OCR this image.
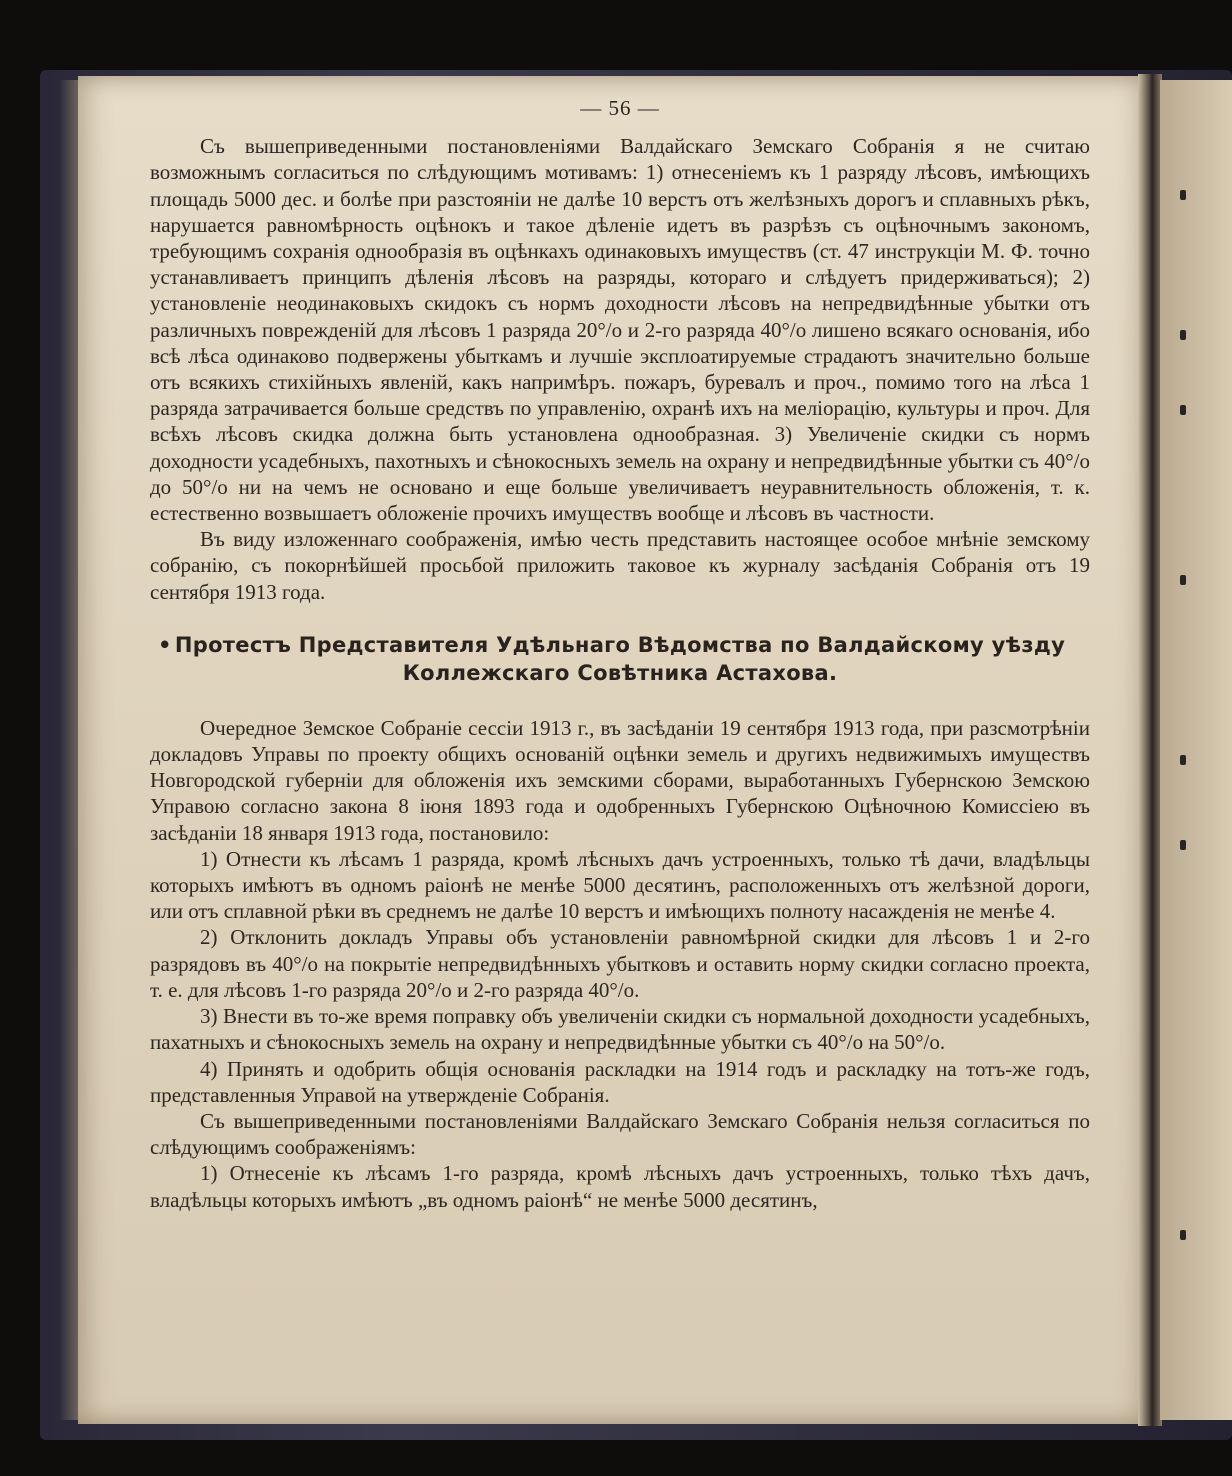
— 56 —

Съ вышеприведенными постановленіями Валдайскаго Земскаго Собранія я не считаю возможнымъ согласиться по слѣдующимъ мотивамъ: 1) отнесеніемъ къ 1 разряду лѣсовъ, имѣющихъ площадь 5000 дес. и болѣе при разстояніи не далѣе 10 верстъ отъ желѣзныхъ дорогъ и сплавныхъ рѣкъ, нарушается равномѣрность оцѣнокъ и такое дѣленіе идетъ въ разрѣзъ съ оцѣночнымъ закономъ, требующимъ сохранія однообразія въ оцѣнкахъ одинаковыхъ имуществъ (ст. 47 инструкціи М. Ф. точно устанавливаетъ принципъ дѣленія лѣсовъ на разряды, котораго и слѣдуетъ придерживаться); 2) установленіе неодинаковыхъ скидокъ съ нормъ доходности лѣсовъ на непредвидѣнные убытки отъ различныхъ поврежденій для лѣсовъ 1 разряда 20°/о и 2-го разряда 40°/о лишено всякаго основанія, ибо всѣ лѣса одинаково подвержены убыткамъ и лучшіе эксплоатируемые страдаютъ значительно больше отъ всякихъ стихійныхъ явленій, какъ напримѣръ. пожаръ, буревалъ и проч., помимо того на лѣса 1 разряда затрачивается больше средствъ по управленію, охранѣ ихъ на меліорацію, культуры и проч. Для всѣхъ лѣсовъ скидка должна быть установлена однообразная. 3) Увеличеніе скидки съ нормъ доходности усадебныхъ, пахотныхъ и сѣнокосныхъ земель на охрану и непредвидѣнные убытки съ 40°/о до 50°/о ни на чемъ не основано и еще больше увеличиваетъ неуравнительность обложенія, т. к. естественно возвышаетъ обложеніе прочихъ имуществъ вообще и лѣсовъ въ частности.

Въ виду изложеннаго соображенія, имѣю честь представить настоящее особое мнѣніе земскому собранію, съ покорнѣйшей просьбой приложить таковое къ журналу засѣданія Собранія отъ 19 сентября 1913 года.

• Протестъ Представителя Удѣльнаго Вѣдомства по Валдайскому уѣзду
Коллежскаго Совѣтника Астахова.

Очередное Земское Собраніе сессіи 1913 г., въ засѣданіи 19 сентября 1913 года, при разсмотрѣніи докладовъ Управы по проекту общихъ основаній оцѣнки земель и другихъ недвижимыхъ имуществъ Новгородской губерніи для обложенія ихъ земскими сборами, выработанныхъ Губернскою Земскою Управою согласно закона 8 іюня 1893 года и одобренныхъ Губернскою Оцѣночною Комиссіею въ засѣданіи 18 января 1913 года, постановило:

1) Отнести къ лѣсамъ 1 разряда, кромѣ лѣсныхъ дачъ устроенныхъ, только тѣ дачи, владѣльцы которыхъ имѣютъ въ одномъ раіонѣ не менѣе 5000 десятинъ, расположенныхъ отъ желѣзной дороги, или отъ сплавной рѣки въ среднемъ не далѣе 10 верстъ и имѣющихъ полноту насажденія не менѣе 4.

2) Отклонить докладъ Управы объ установленіи равномѣрной скидки для лѣсовъ 1 и 2-го разрядовъ въ 40°/о на покрытіе непредвидѣнныхъ убытковъ и оставить норму скидки согласно проекта, т. е. для лѣсовъ 1-го разряда 20°/о и 2-го разряда 40°/о.

3) Внести въ то-же время поправку объ увеличеніи скидки съ нормальной доходности усадебныхъ, пахатныхъ и сѣнокосныхъ земель на охрану и непредвидѣнные убытки съ 40°/о на 50°/о.

4) Принять и одобрить общія основанія раскладки на 1914 годъ и раскладку на тотъ-же годъ, представленныя Управой на утвержденіе Собранія.

Съ вышеприведенными постановленіями Валдайскаго Земскаго Собранія нельзя согласиться по слѣдующимъ соображеніямъ:

1) Отнесеніе къ лѣсамъ 1-го разряда, кромѣ лѣсныхъ дачъ устроенныхъ, только тѣхъ дачъ, владѣльцы которыхъ имѣютъ „въ одномъ раіонѣ“ не менѣе 5000 десятинъ,
